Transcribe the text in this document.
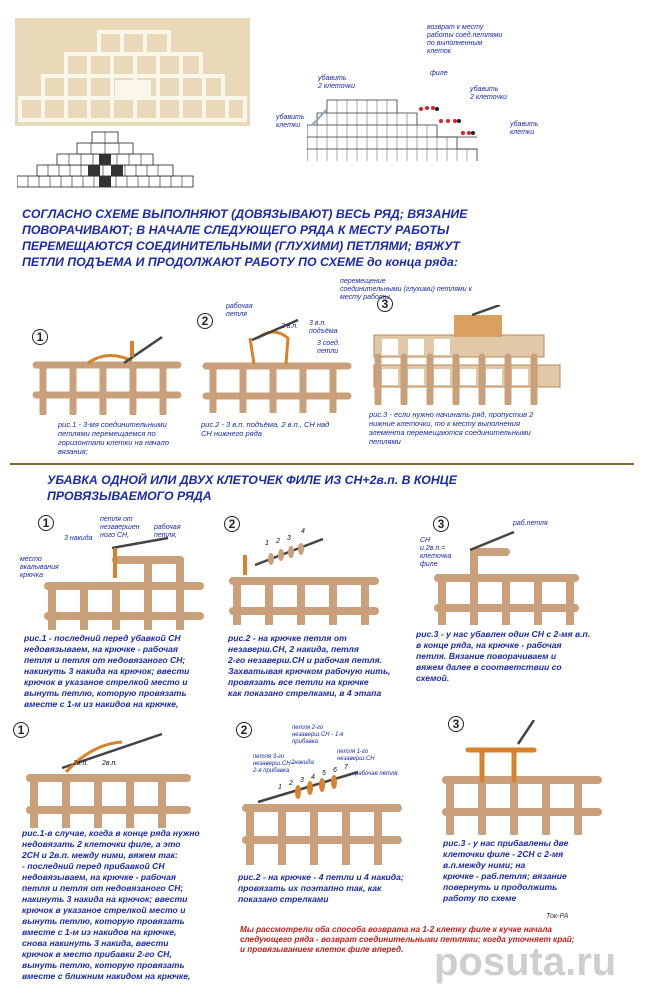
возврат к месту
работы соед.петлями
по выполненным
клеток
филе
убавить
2 клеточки
убавить
клетки
убавить
2 клеточки
убавить
клетки
СОГЛАСНО СХЕМЕ ВЫПОЛНЯЮТ (ДОВЯЗЫВАЮТ) ВЕСЬ РЯД; ВЯЗАНИЕ
ПОВОРАЧИВАЮТ; В НАЧАЛЕ СЛЕДУЮЩЕГО РЯДА К МЕСТУ РАБОТЫ
ПЕРЕМЕЩАЮТСЯ СОЕДИНИТЕЛЬНЫМИ (ГЛУХИМИ) ПЕТЛЯМИ; ВЯЖУТ
ПЕТЛИ ПОДЪЕМА И ПРОДОЛЖАЮТ РАБОТУ ПО СХЕМЕ до конца ряда:
1
рис.1 - 3-мя соединительными
петлями перемещаемся по
горизонтали клетки на начало
вязания;
2
рабочая
петля
2 в.п. 3 в.п.
подъёма
3 соед.
петли
рис.2 - 3 в.п. подъёма, 2 в.п., СН над
СН нижнего ряда
3
перемещение
соединительными (глухими) петлями к
месту работы
рис.3 - если нужно начинать ряд, пропустив 2
нижние клеточки, то к месту выполнения
элемента перемещаются соединительными
петлями
УБАВКА ОДНОЙ ИЛИ ДВУХ КЛЕТОЧЕК ФИЛЕ ИЗ СН+2в.п. В КОНЦЕ
ПРОВЯЗЫВАЕМОГО РЯДА
1	петля от
незавершен
ного СН,
рабочая
петля,
3 накида
место
вкалывания
крючка
рис.1 - последний перед убавкой СН
недовязываем, на крючке - рабочая
петля и петля от недовязаного СН;
накинуть 3 накида на крючок; ввести
крючок в указаное стрелкой место и
вынуть петлю, которую провязать
вместе с 1-м из накидов на крючке,
2
1 2 3
4
рис.2 - на крючке петля от
незаверш.СН, 2 накида, петля
2-го незаверш.СН и рабочая петля.
Захватывая крючком рабочую нить,
провязать все петли на крючке
как показано стрелками, в 4 этапа
3	раб.петля
СН
и 2в.п.=
клеточка
филе
рис.3 - у нас убавлен один СН с 2-мя в.п.
в конце ряда, на крючке - рабочая
петля. Вязание поворачиваем и
вяжем далее в соответствии со
схемой.
1
2в.п. 2в.п.
рис.1-в случае, когда в конце ряда нужно
недовязать 2 клеточки филе, а это
2СН и 2в.п. между ними, вяжем так:
- последний перед прибавкой СН
недовязываем, на крючке - рабочая
петля и петля от недовязаного СН;
накинуть 3 накида на крючок; ввести
крючок в указаное стрелкой место и
вынуть петлю, которую провязать
вместе с 1-м из накидов на крючке,
снова накинуть 3 накида, ввести
крючок в место прибавки 2-го СН,
вынуть петлю, которую провязать
вместе с ближним накидом на крючке,
2	петля 2-го
незаверш.СН - 1-я
прибавка
петля 3-го
незаверш.СН -
2-я прибавка
петля 1-го
незаверш.СН
2накида
рабочая петля
1
2 3 4
5 6 7
рис.2 - на крючке - 4 петли и 4 накида;
провязать их поэтапно так, как
показано стрелками
3
рис.3 - у нас прибавлены две
клеточки филе - 2СН с 2-мя
в.п.между ними; на
крючке - раб.петля; вязание
повернуть и продолжить
работу по схеме
Ток-РА
Мы рассмотрели оба способа возврата на 1-2 клетку филе к кучке начала
следующего ряда - возврат соединительными петлями; когда уточняет край;
и провязыванием клеток филе вперед. posuta.ru
